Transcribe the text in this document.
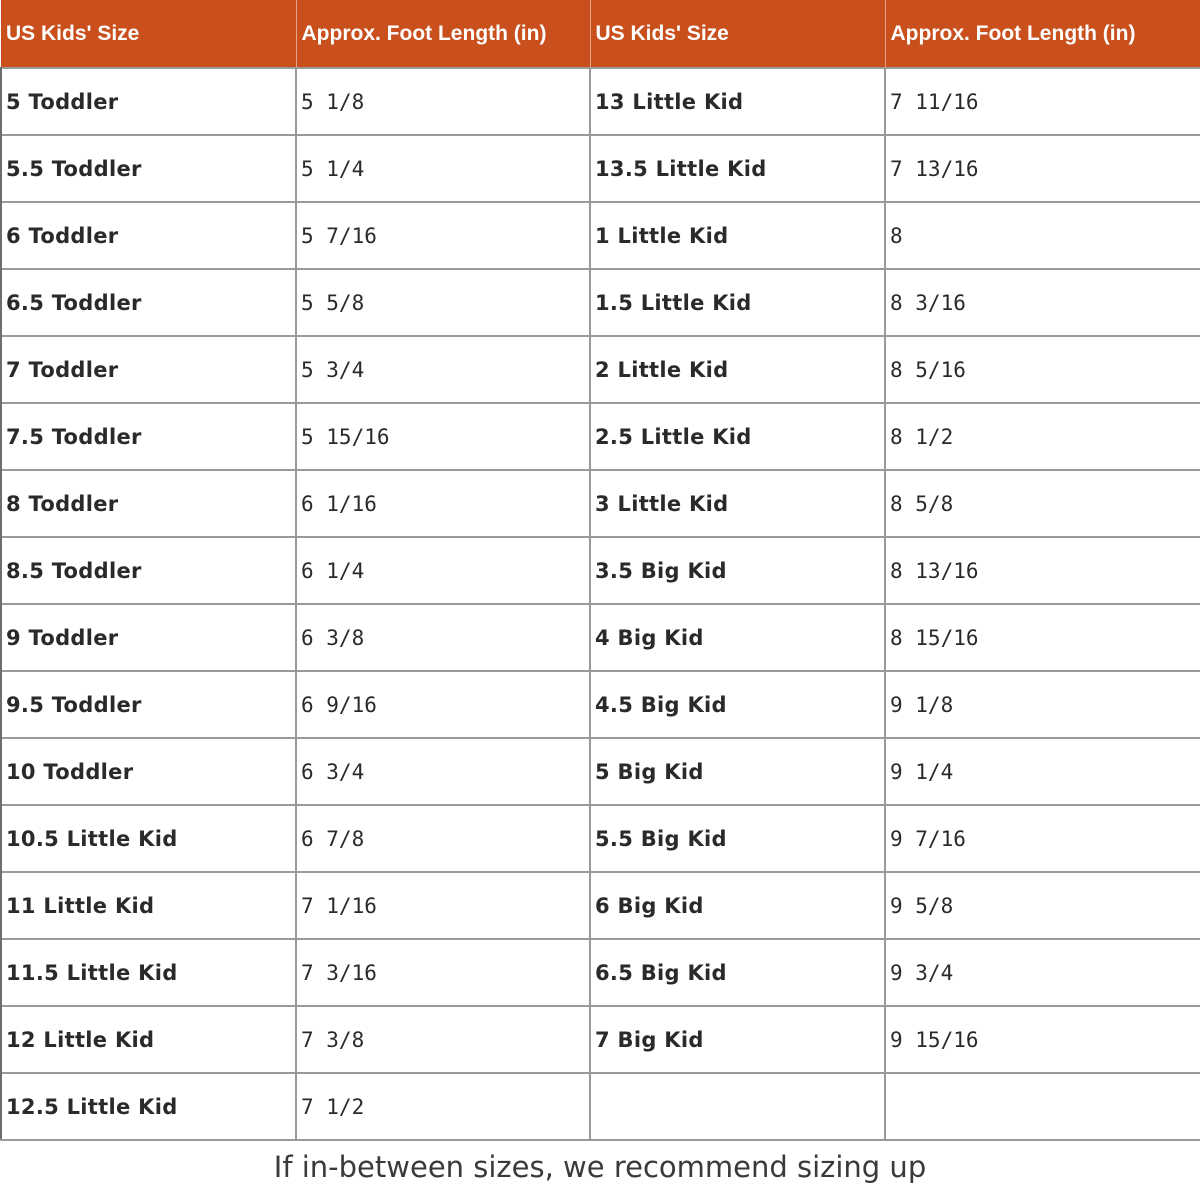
US Kids' Size	Approx. Foot Length (in)	US Kids' Size	Approx. Foot Length (in)
5 Toddler	5 1/8	13 Little Kid	7 11/16
5.5 Toddler	5 1/4	13.5 Little Kid	7 13/16
6 Toddler	5 7/16	1 Little Kid	8
6.5 Toddler	5 5/8	1.5 Little Kid	8 3/16
7 Toddler	5 3/4	2 Little Kid	8 5/16
7.5 Toddler	5 15/16	2.5 Little Kid	8 1/2
8 Toddler	6 1/16	3 Little Kid	8 5/8
8.5 Toddler	6 1/4	3.5 Big Kid	8 13/16
9 Toddler	6 3/8	4 Big Kid	8 15/16
9.5 Toddler	6 9/16	4.5 Big Kid	9 1/8
10 Toddler	6 3/4	5 Big Kid	9 1/4
10.5 Little Kid	6 7/8	5.5 Big Kid	9 7/16
11 Little Kid	7 1/16	6 Big Kid	9 5/8
11.5 Little Kid	7 3/16	6.5 Big Kid	9 3/4
12 Little Kid	7 3/8	7 Big Kid	9 15/16
12.5 Little Kid	7 1/2		
If in-between sizes, we recommend sizing up
